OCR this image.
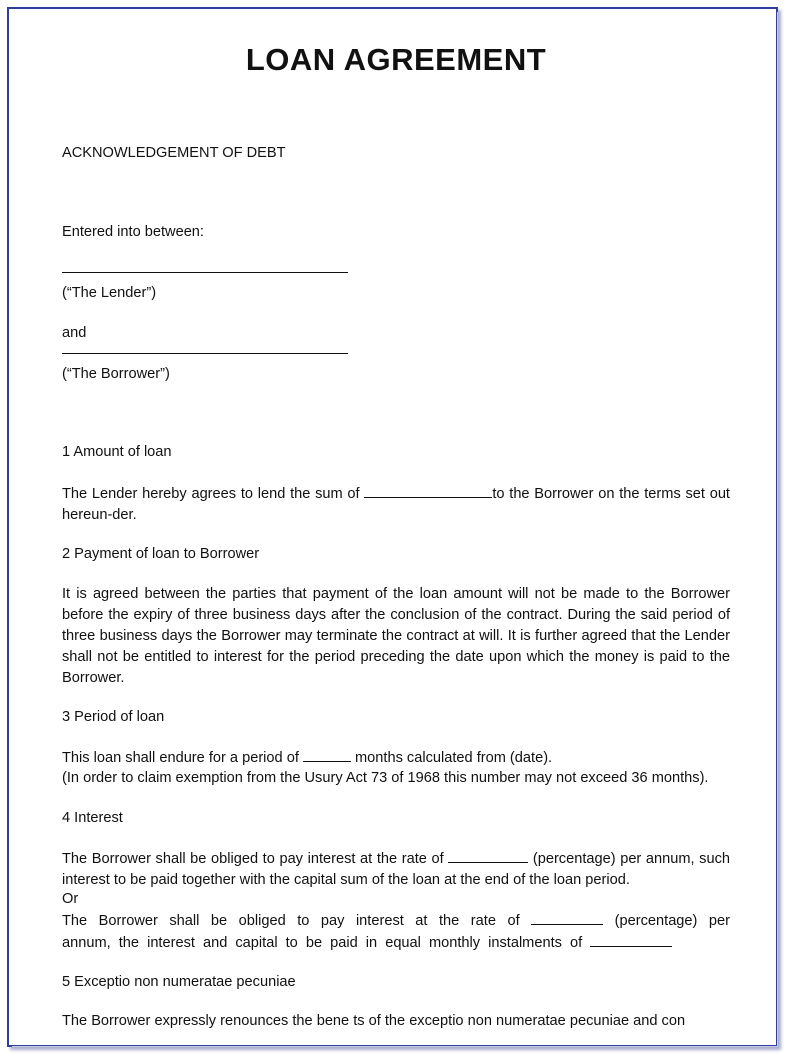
LOAN AGREEMENT
ACKNOWLEDGEMENT OF DEBT
Entered into between:
(“The Lender”)
and
(“The Borrower”)
1 Amount of loan
The Lender hereby agrees to lend the sum of	to the Borrower on the terms set out hereun-der.
2 Payment of loan to Borrower
It is agreed between the parties that payment of the loan amount will not be made to the Borrower before the expiry of three business days after the conclusion of the contract. During the said period of three business days the Borrower may terminate the contract at will. It is further agreed that the Lender shall not be entitled to interest for the period preceding the date upon which the money is paid to the Borrower.
3 Period of loan
This loan shall endure for a period of	months calculated from (date).
(In order to claim exemption from the Usury Act 73 of 1968 this number may not exceed 36 months).
4 Interest
The Borrower shall be obliged to pay interest at the rate of	(percentage) per annum, such interest to be paid together with the capital sum of the loan at the end of the loan period.
Or
The Borrower shall be obliged to pay interest at the rate of	(percentage) per annum, the interest and capital to be paid in equal monthly instalments of
5 Exceptio non numeratae pecuniae
The Borrower expressly renounces the bene ts of the exceptio non numeratae pecuniae and con
